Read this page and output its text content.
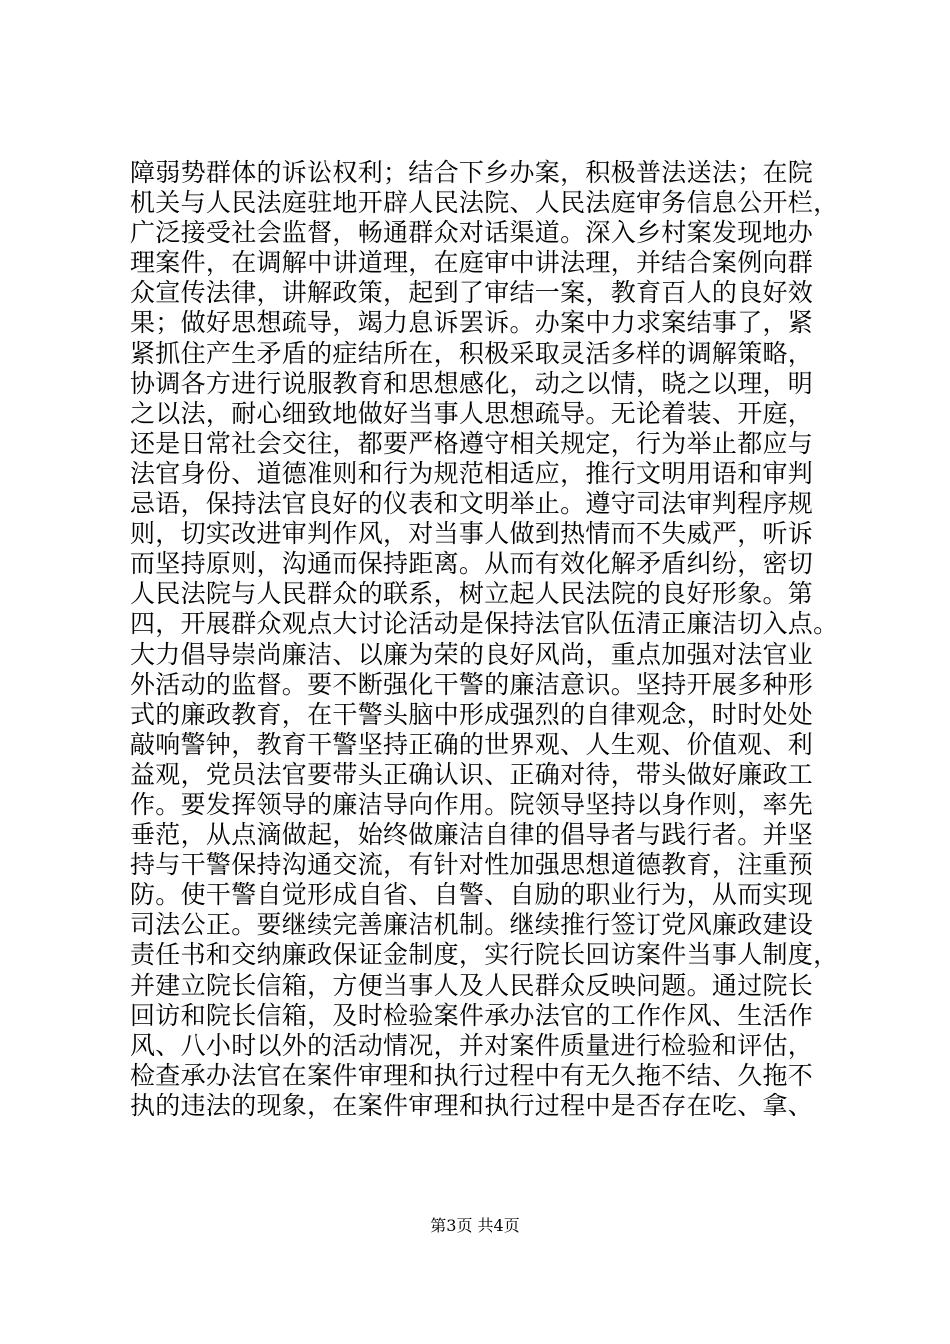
障弱势群体的诉讼权利；结合下乡办案，积极普法送法；在院
机关与人民法庭驻地开辟人民法院、人民法庭审务信息公开栏，
广泛接受社会监督，畅通群众对话渠道。深入乡村案发现地办
理案件，在调解中讲道理，在庭审中讲法理，并结合案例向群
众宣传法律，讲解政策，起到了审结一案，教育百人的良好效
果；做好思想疏导，竭力息诉罢诉。办案中力求案结事了，紧
紧抓住产生矛盾的症结所在，积极采取灵活多样的调解策略，
协调各方进行说服教育和思想感化，动之以情，晓之以理，明
之以法，耐心细致地做好当事人思想疏导。无论着装、开庭，
还是日常社会交往，都要严格遵守相关规定，行为举止都应与
法官身份、道德准则和行为规范相适应，推行文明用语和审判
忌语，保持法官良好的仪表和文明举止。遵守司法审判程序规
则，切实改进审判作风，对当事人做到热情而不失威严，听诉
而坚持原则，沟通而保持距离。从而有效化解矛盾纠纷，密切
人民法院与人民群众的联系，树立起人民法院的良好形象。第
四，开展群众观点大讨论活动是保持法官队伍清正廉洁切入点。
大力倡导崇尚廉洁、以廉为荣的良好风尚，重点加强对法官业
外活动的监督。要不断强化干警的廉洁意识。坚持开展多种形
式的廉政教育，在干警头脑中形成强烈的自律观念，时时处处
敲响警钟，教育干警坚持正确的世界观、人生观、价值观、利
益观，党员法官要带头正确认识、正确对待，带头做好廉政工
作。要发挥领导的廉洁导向作用。院领导坚持以身作则，率先
垂范，从点滴做起，始终做廉洁自律的倡导者与践行者。并坚
持与干警保持沟通交流，有针对性加强思想道德教育，注重预
防。使干警自觉形成自省、自警、自励的职业行为，从而实现
司法公正。要继续完善廉洁机制。继续推行签订党风廉政建设
责任书和交纳廉政保证金制度，实行院长回访案件当事人制度，
并建立院长信箱，方便当事人及人民群众反映问题。通过院长
回访和院长信箱，及时检验案件承办法官的工作作风、生活作
风、八小时以外的活动情况，并对案件质量进行检验和评估，
检查承办法官在案件审理和执行过程中有无久拖不结、久拖不
执的违法的现象，在案件审理和执行过程中是否存在吃、拿、
第3页 共4页
